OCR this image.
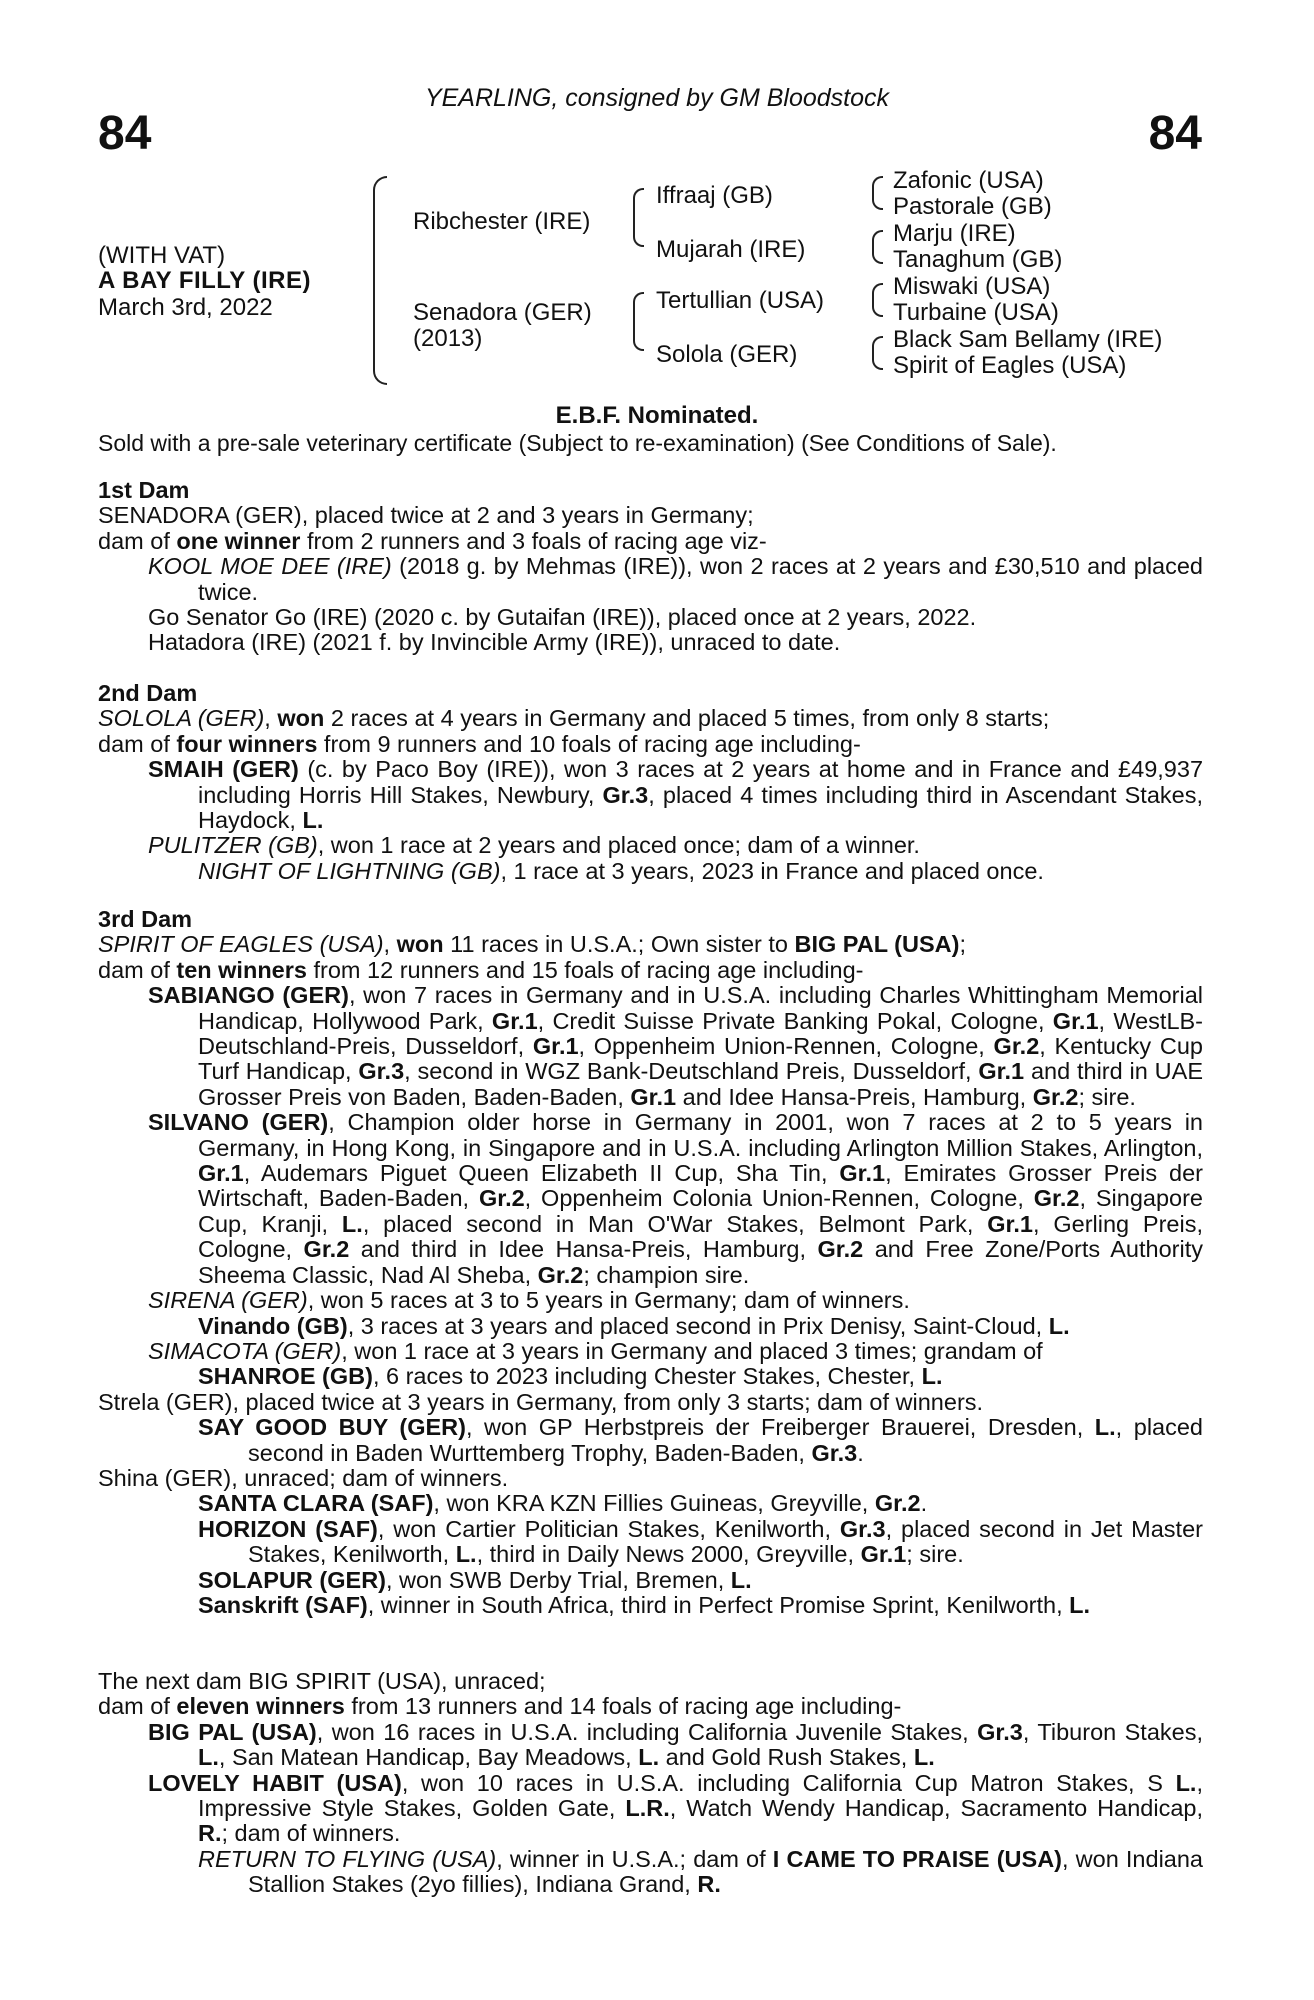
84
YEARLING, consigned by GM Bloodstock
84
(WITH VAT)
A BAY FILLY (IRE)
March 3rd, 2022
Ribchester (IRE)
Senadora (GER)
(2013)
Iffraaj (GB)
Mujarah (IRE)
Tertullian (USA)
Solola (GER)
Zafonic (USA)
Pastorale (GB)
Marju (IRE)
Tanaghum (GB)
Miswaki (USA)
Turbaine (USA)
Black Sam Bellamy (IRE)
Spirit of Eagles (USA)
E.B.F. Nominated.
Sold with a pre-sale veterinary certificate (Subject to re-examination) (See Conditions of Sale).

1st Dam

SENADORA (GER), placed twice at 2 and 3 years in Germany;

dam of one winner from 2 runners and 3 foals of racing age viz-

KOOL MOE DEE (IRE) (2018 g. by Mehmas (IRE)), won 2 races at 2 years and £30,510 and placed twice.

Go Senator Go (IRE) (2020 c. by Gutaifan (IRE)), placed once at 2 years, 2022.

Hatadora (IRE) (2021 f. by Invincible Army (IRE)), unraced to date.

2nd Dam

SOLOLA (GER), won 2 races at 4 years in Germany and placed 5 times, from only 8 starts;

dam of four winners from 9 runners and 10 foals of racing age including-

SMAIH (GER) (c. by Paco Boy (IRE)), won 3 races at 2 years at home and in France and £49,937 including Horris Hill Stakes, Newbury, Gr.3, placed 4 times including third in Ascendant Stakes, Haydock, L.

PULITZER (GB), won 1 race at 2 years and placed once; dam of a winner.

NIGHT OF LIGHTNING (GB), 1 race at 3 years, 2023 in France and placed once.

3rd Dam

SPIRIT OF EAGLES (USA), won 11 races in U.S.A.; Own sister to BIG PAL (USA);

dam of ten winners from 12 runners and 15 foals of racing age including-

SABIANGO (GER), won 7 races in Germany and in U.S.A. including Charles Whittingham Memorial Handicap, Hollywood Park, Gr.1, Credit Suisse Private Banking Pokal, Cologne, Gr.1, WestLB-Deutschland-Preis, Dusseldorf, Gr.1, Oppenheim Union-Rennen, Cologne, Gr.2, Kentucky Cup Turf Handicap, Gr.3, second in WGZ Bank-Deutschland Preis, Dusseldorf, Gr.1 and third in UAE Grosser Preis von Baden, Baden-Baden, Gr.1 and Idee Hansa-Preis, Hamburg, Gr.2; sire.

SILVANO (GER), Champion older horse in Germany in 2001, won 7 races at 2 to 5 years in Germany, in Hong Kong, in Singapore and in U.S.A. including Arlington Million Stakes, Arlington, Gr.1, Audemars Piguet Queen Elizabeth II Cup, Sha Tin, Gr.1, Emirates Grosser Preis der Wirtschaft, Baden-Baden, Gr.2, Oppenheim Colonia Union-Rennen, Cologne, Gr.2, Singapore Cup, Kranji, L., placed second in Man O'War Stakes, Belmont Park, Gr.1, Gerling Preis, Cologne, Gr.2 and third in Idee Hansa-Preis, Hamburg, Gr.2 and Free Zone/Ports Authority Sheema Classic, Nad Al Sheba, Gr.2; champion sire.

SIRENA (GER), won 5 races at 3 to 5 years in Germany; dam of winners.

Vinando (GB), 3 races at 3 years and placed second in Prix Denisy, Saint-Cloud, L.

SIMACOTA (GER), won 1 race at 3 years in Germany and placed 3 times; grandam of

SHANROE (GB), 6 races to 2023 including Chester Stakes, Chester, L.

Strela (GER), placed twice at 3 years in Germany, from only 3 starts; dam of winners.

SAY GOOD BUY (GER), won GP Herbstpreis der Freiberger Brauerei, Dresden, L., placed second in Baden Wurttemberg Trophy, Baden-Baden, Gr.3.

Shina (GER), unraced; dam of winners.

SANTA CLARA (SAF), won KRA KZN Fillies Guineas, Greyville, Gr.2.

HORIZON (SAF), won Cartier Politician Stakes, Kenilworth, Gr.3, placed second in Jet Master Stakes, Kenilworth, L., third in Daily News 2000, Greyville, Gr.1; sire.

SOLAPUR (GER), won SWB Derby Trial, Bremen, L.

Sanskrift (SAF), winner in South Africa, third in Perfect Promise Sprint, Kenilworth, L.

The next dam BIG SPIRIT (USA), unraced;

dam of eleven winners from 13 runners and 14 foals of racing age including-

BIG PAL (USA), won 16 races in U.S.A. including California Juvenile Stakes, Gr.3, Tiburon Stakes, L., San Matean Handicap, Bay Meadows, L. and Gold Rush Stakes, L.

LOVELY HABIT (USA), won 10 races in U.S.A. including California Cup Matron Stakes, S L., Impressive Style Stakes, Golden Gate, L.R., Watch Wendy Handicap, Sacramento Handicap, R.; dam of winners.

RETURN TO FLYING (USA), winner in U.S.A.; dam of I CAME TO PRAISE (USA), won Indiana Stallion Stakes (2yo fillies), Indiana Grand, R.
